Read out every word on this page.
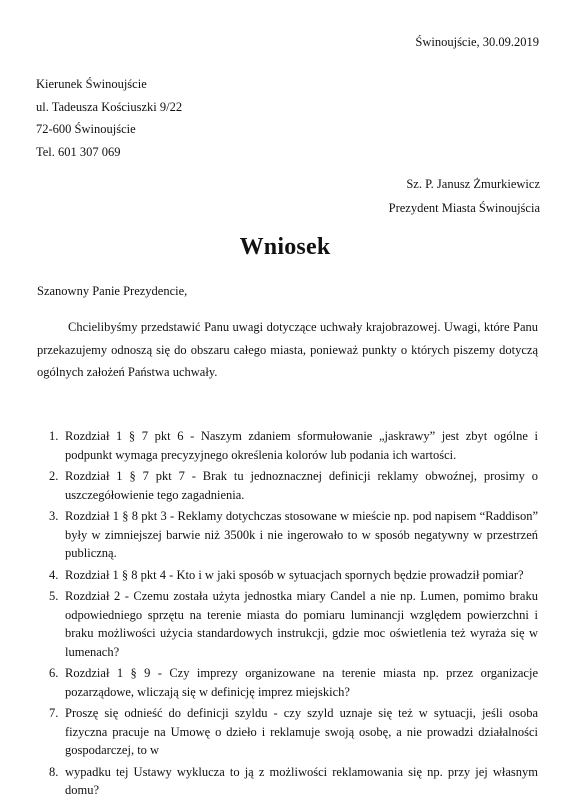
Świnoujście, 30.09.2019
Kierunek Świnoujście
ul. Tadeusza Kościuszki 9/22
72-600 Świnoujście
Tel. 601 307 069
Sz. P. Janusz Żmurkiewicz
Prezydent Miasta Świnoujścia
Wniosek
Szanowny Panie Prezydencie,

Chcielibyśmy przedstawić Panu uwagi dotyczące uchwały krajobrazowej. Uwagi, które Panu przekazujemy odnoszą się do obszaru całego miasta, ponieważ punkty o których piszemy dotyczą ogólnych założeń Państwa uchwały.

1. Rozdział 1 § 7 pkt 6 - Naszym zdaniem sformułowanie „jaskrawy” jest zbyt ogólne i podpunkt wymaga precyzyjnego określenia kolorów lub podania ich wartości.
2. Rozdział 1 § 7 pkt 7 - Brak tu jednoznacznej definicji reklamy obwoźnej, prosimy o uszczegółowienie tego zagadnienia.
3. Rozdział 1 § 8 pkt 3 - Reklamy dotychczas stosowane w mieście np. pod napisem “Raddison” były w zimniejszej barwie niż 3500k i nie ingerowało to w sposób negatywny w przestrzeń publiczną.
4. Rozdział 1 § 8 pkt 4 - Kto i w jaki sposób w sytuacjach spornych będzie prowadził pomiar?
5. Rozdział 2 - Czemu została użyta jednostka miary Candel a nie np. Lumen, pomimo braku odpowiedniego sprzętu na terenie miasta do pomiaru luminancji względem powierzchni i braku możliwości użycia standardowych instrukcji, gdzie moc oświetlenia też wyraża się w lumenach?
6. Rozdział 1 § 9 - Czy imprezy organizowane na terenie miasta np. przez organizacje pozarządowe, wliczają się w definicję imprez miejskich?
7. Proszę się odnieść do definicji szyldu - czy szyld uznaje się też w sytuacji, jeśli osoba fizyczna pracuje na Umowę o dzieło i reklamuje swoją osobę, a nie prowadzi działalności gospodarczej, to w
8. wypadku tej Ustawy wyklucza to ją z możliwości reklamowania się np. przy jej własnym domu?
